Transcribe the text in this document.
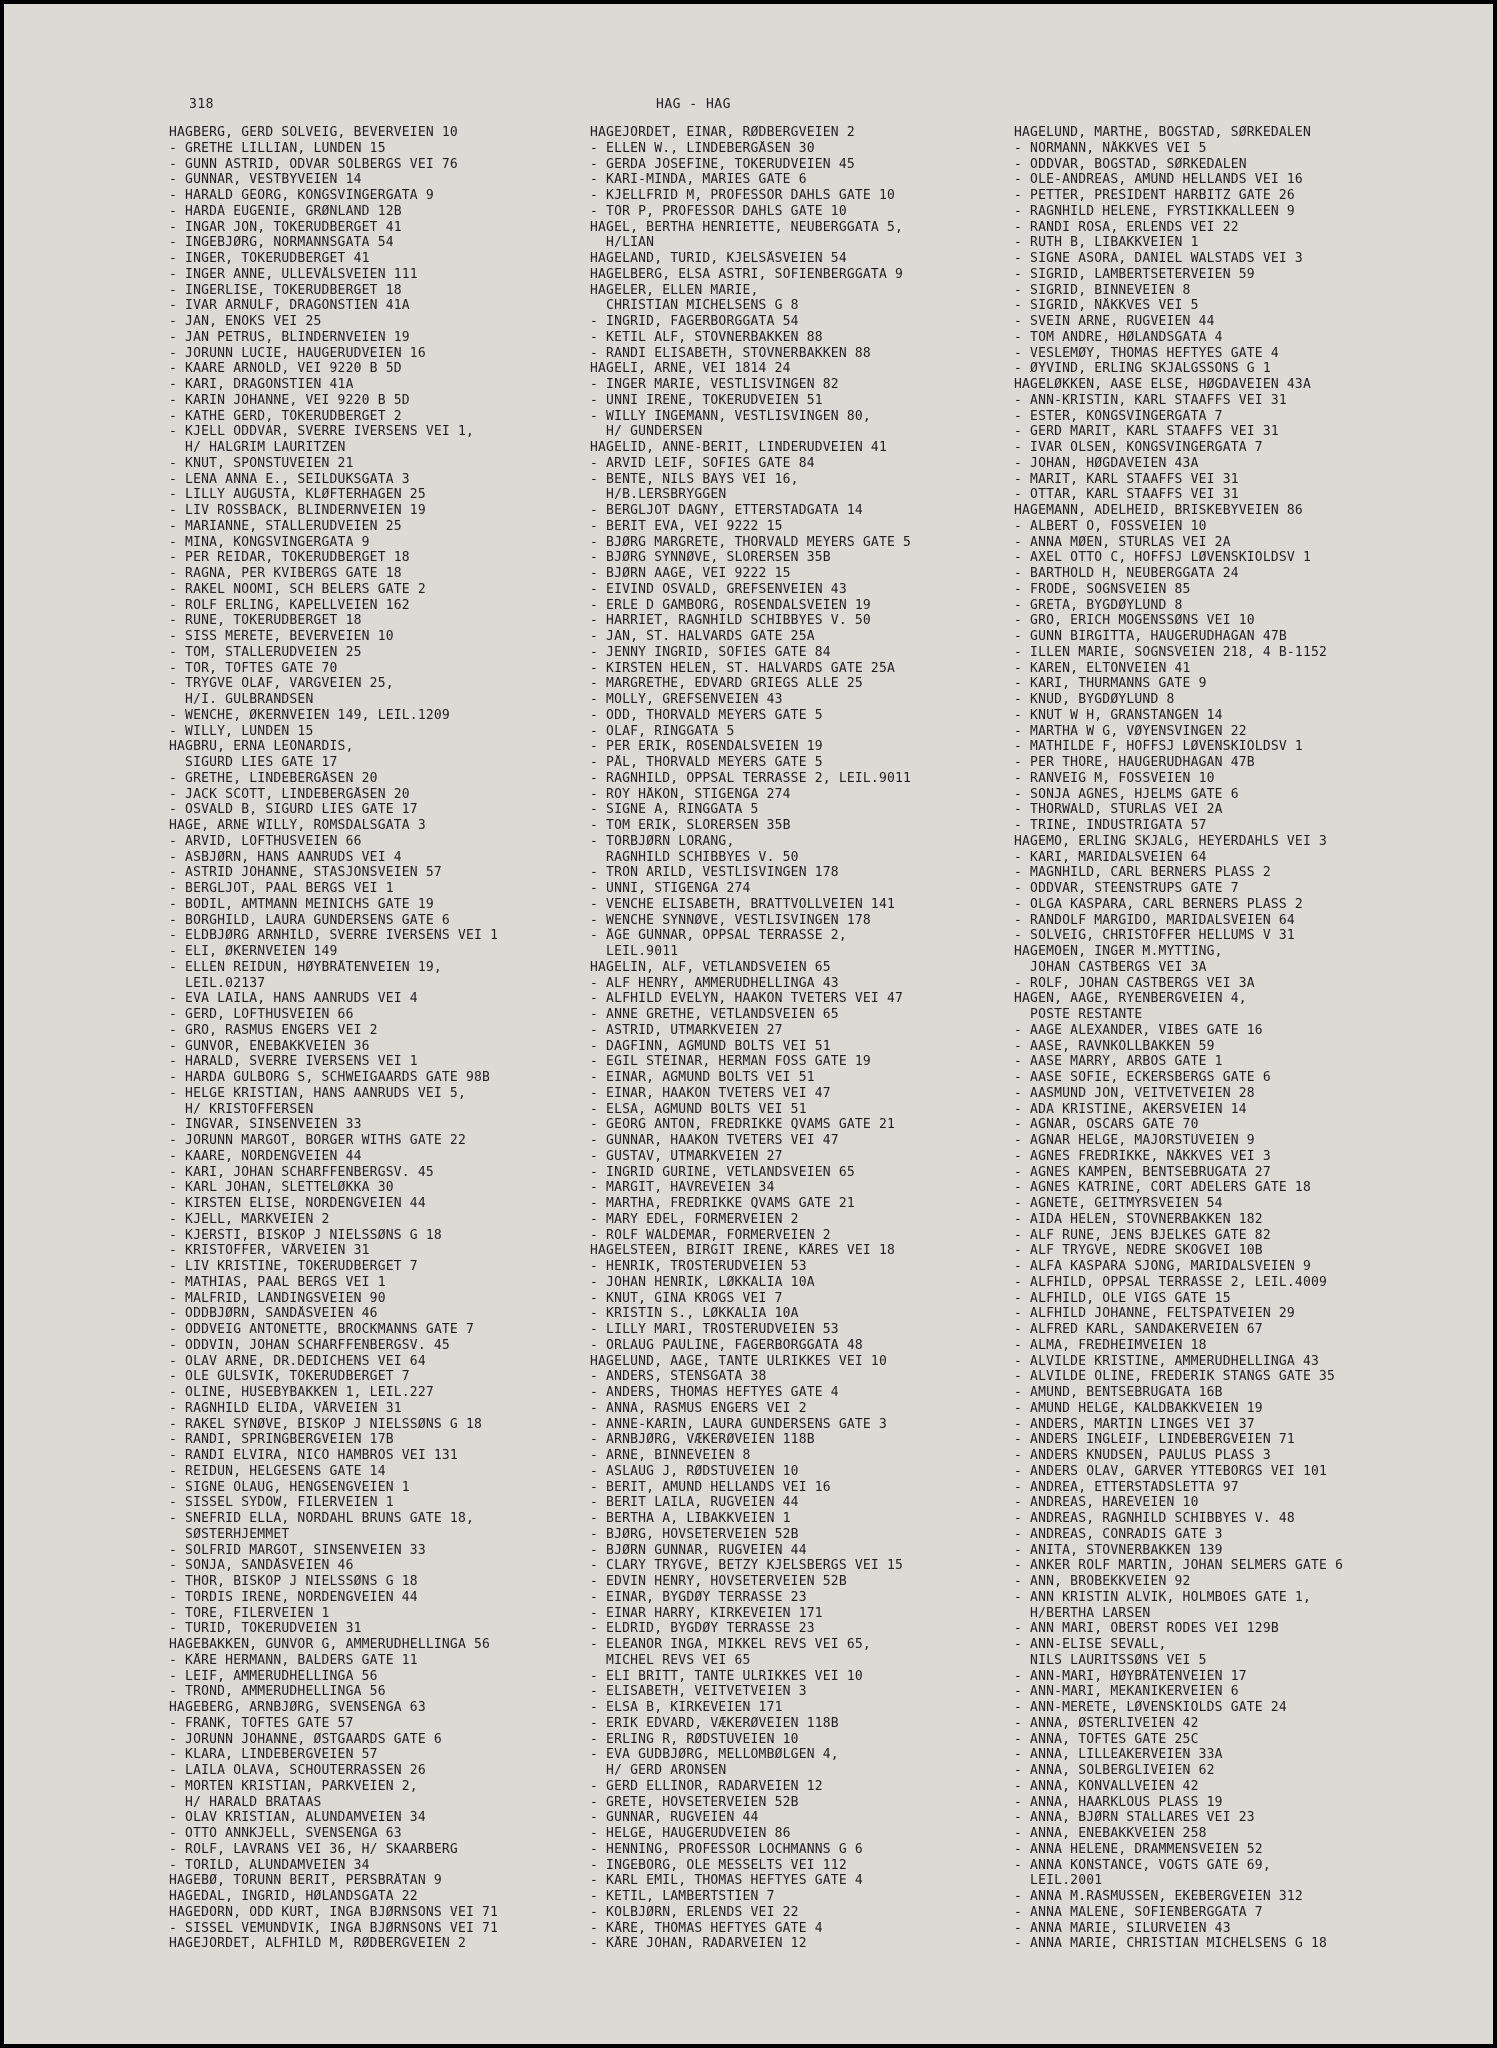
318	HAG - HAG
HAGBERG, GERD SOLVEIG, BEVERVEIEN 10
- GRETHE LILLIAN, LUNDEN 15
- GUNN ASTRID, ODVAR SOLBERGS VEI 76
- GUNNAR, VESTBYVEIEN 14
- HARALD GEORG, KONGSVINGERGATA 9
- HARDA EUGENIE, GRØNLAND 12B
- INGAR JON, TOKERUDBERGET 41
- INGEBJØRG, NORMANNSGATA 54
- INGER, TOKERUDBERGET 41
- INGER ANNE, ULLEVÅLSVEIEN 111
- INGERLISE, TOKERUDBERGET 18
- IVAR ARNULF, DRAGONSTIEN 41A
- JAN, ENOKS VEI 25
- JAN PETRUS, BLINDERNVEIEN 19
- JORUNN LUCIE, HAUGERUDVEIEN 16
- KAARE ARNOLD, VEI 9220 B 5D
- KARI, DRAGONSTIEN 41A
- KARIN JOHANNE, VEI 9220 B 5D
- KATHE GERD, TOKERUDBERGET 2
- KJELL ODDVAR, SVERRE IVERSENS VEI 1,
H/ HALGRIM LAURITZEN
- KNUT, SPONSTUVEIEN 21
- LENA ANNA E., SEILDUKSGATA 3
- LILLY AUGUSTA, KLØFTERHAGEN 25
- LIV ROSSBACK, BLINDERNVEIEN 19
- MARIANNE, STALLERUDVEIEN 25
- MINA, KONGSVINGERGATA 9
- PER REIDAR, TOKERUDBERGET 18
- RAGNA, PER KVIBERGS GATE 18
- RAKEL NOOMI, SCH BELERS GATE 2
- ROLF ERLING, KAPELLVEIEN 162
- RUNE, TOKERUDBERGET 18
- SISS MERETE, BEVERVEIEN 10
- TOM, STALLERUDVEIEN 25
- TOR, TOFTES GATE 70
- TRYGVE OLAF, VARGVEIEN 25,
H/I. GULBRANDSEN
- WENCHE, ØKERNVEIEN 149, LEIL.1209
- WILLY, LUNDEN 15
HAGBRU, ERNA LEONARDIS,
SIGURD LIES GATE 17
- GRETHE, LINDEBERGÅSEN 20
- JACK SCOTT, LINDEBERGÅSEN 20
- OSVALD B, SIGURD LIES GATE 17
HAGE, ARNE WILLY, ROMSDALSGATA 3
- ARVID, LOFTHUSVEIEN 66
- ASBJØRN, HANS AANRUDS VEI 4
- ASTRID JOHANNE, STASJONSVEIEN 57
- BERGLJOT, PAAL BERGS VEI 1
- BODIL, AMTMANN MEINICHS GATE 19
- BORGHILD, LAURA GUNDERSENS GATE 6
- ELDBJØRG ARNHILD, SVERRE IVERSENS VEI 1
- ELI, ØKERNVEIEN 149
- ELLEN REIDUN, HØYBRÅTENVEIEN 19,
LEIL.02137
- EVA LAILA, HANS AANRUDS VEI 4
- GERD, LOFTHUSVEIEN 66
- GRO, RASMUS ENGERS VEI 2
- GUNVOR, ENEBAKKVEIEN 36
- HARALD, SVERRE IVERSENS VEI 1
- HARDA GULBORG S, SCHWEIGAARDS GATE 98B
- HELGE KRISTIAN, HANS AANRUDS VEI 5,
H/ KRISTOFFERSEN
- INGVAR, SINSENVEIEN 33
- JORUNN MARGOT, BORGER WITHS GATE 22
- KAARE, NORDENGVEIEN 44
- KARI, JOHAN SCHARFFENBERGSV. 45
- KARL JOHAN, SLETTELØKKA 30
- KIRSTEN ELISE, NORDENGVEIEN 44
- KJELL, MARKVEIEN 2
- KJERSTI, BISKOP J NIELSSØNS G 18
- KRISTOFFER, VÅRVEIEN 31
- LIV KRISTINE, TOKERUDBERGET 7
- MATHIAS, PAAL BERGS VEI 1
- MALFRID, LANDINGSVEIEN 90
- ODDBJØRN, SANDÅSVEIEN 46
- ODDVEIG ANTONETTE, BROCKMANNS GATE 7
- ODDVIN, JOHAN SCHARFFENBERGSV. 45
- OLAV ARNE, DR.DEDICHENS VEI 64
- OLE GULSVIK, TOKERUDBERGET 7
- OLINE, HUSEBYBAKKEN 1, LEIL.227
- RAGNHILD ELIDA, VÅRVEIEN 31
- RAKEL SYNØVE, BISKOP J NIELSSØNS G 18
- RANDI, SPRINGBERGVEIEN 17B
- RANDI ELVIRA, NICO HAMBROS VEI 131
- REIDUN, HELGESENS GATE 14
- SIGNE OLAUG, HENGSENGVEIEN 1
- SISSEL SYDOW, FILERVEIEN 1
- SNEFRID ELLA, NORDAHL BRUNS GATE 18,
SØSTERHJEMMET
- SOLFRID MARGOT, SINSENVEIEN 33
- SONJA, SANDÅSVEIEN 46
- THOR, BISKOP J NIELSSØNS G 18
- TORDIS IRENE, NORDENGVEIEN 44
- TORE, FILERVEIEN 1
- TURID, TOKERUDVEIEN 31
HAGEBAKKEN, GUNVOR G, AMMERUDHELLINGA 56
- KÅRE HERMANN, BALDERS GATE 11
- LEIF, AMMERUDHELLINGA 56
- TROND, AMMERUDHELLINGA 56
HAGEBERG, ARNBJØRG, SVENSENGA 63
- FRANK, TOFTES GATE 57
- JORUNN JOHANNE, ØSTGAARDS GATE 6
- KLARA, LINDEBERGVEIEN 57
- LAILA OLAVA, SCHOUTERRASSEN 26
- MORTEN KRISTIAN, PARKVEIEN 2,
H/ HARALD BRATAAS
- OLAV KRISTIAN, ALUNDAMVEIEN 34
- OTTO ANNKJELL, SVENSENGA 63
- ROLF, LAVRANS VEI 36, H/ SKAARBERG
- TORILD, ALUNDAMVEIEN 34
HAGEBØ, TORUNN BERIT, PERSBRÅTAN 9
HAGEDAL, INGRID, HØLANDSGATA 22
HAGEDORN, ODD KURT, INGA BJØRNSONS VEI 71
- SISSEL VEMUNDVIK, INGA BJØRNSONS VEI 71
HAGEJORDET, ALFHILD M, RØDBERGVEIEN 2
HAGEJORDET, EINAR, RØDBERGVEIEN 2
- ELLEN W., LINDEBERGÅSEN 30
- GERDA JOSEFINE, TOKERUDVEIEN 45
- KARI-MINDA, MARIES GATE 6
- KJELLFRID M, PROFESSOR DAHLS GATE 10
- TOR P, PROFESSOR DAHLS GATE 10
HAGEL, BERTHA HENRIETTE, NEUBERGGATA 5,
H/LIAN
HAGELAND, TURID, KJELSÅSVEIEN 54
HAGELBERG, ELSA ASTRI, SOFIENBERGGATA 9
HAGELER, ELLEN MARIE,
CHRISTIAN MICHELSENS G 8
- INGRID, FAGERBORGGATA 54
- KETIL ALF, STOVNERBAKKEN 88
- RANDI ELISABETH, STOVNERBAKKEN 88
HAGELI, ARNE, VEI 1814 24
- INGER MARIE, VESTLISVINGEN 82
- UNNI IRENE, TOKERUDVEIEN 51
- WILLY INGEMANN, VESTLISVINGEN 80,
H/ GUNDERSEN
HAGELID, ANNE-BERIT, LINDERUDVEIEN 41
- ARVID LEIF, SOFIES GATE 84
- BENTE, NILS BAYS VEI 16,
H/B.LERSBRYGGEN
- BERGLJOT DAGNY, ETTERSTADGATA 14
- BERIT EVA, VEI 9222 15
- BJØRG MARGRETE, THORVALD MEYERS GATE 5
- BJØRG SYNNØVE, SLORERSEN 35B
- BJØRN AAGE, VEI 9222 15
- EIVIND OSVALD, GREFSENVEIEN 43
- ERLE D GAMBORG, ROSENDALSVEIEN 19
- HARRIET, RAGNHILD SCHIBBYES V. 50
- JAN, ST. HALVARDS GATE 25A
- JENNY INGRID, SOFIES GATE 84
- KIRSTEN HELEN, ST. HALVARDS GATE 25A
- MARGRETHE, EDVARD GRIEGS ALLE 25
- MOLLY, GREFSENVEIEN 43
- ODD, THORVALD MEYERS GATE 5
- OLAF, RINGGATA 5
- PER ERIK, ROSENDALSVEIEN 19
- PÅL, THORVALD MEYERS GATE 5
- RAGNHILD, OPPSAL TERRASSE 2, LEIL.9011
- ROY HÅKON, STIGENGA 274
- SIGNE A, RINGGATA 5
- TOM ERIK, SLORERSEN 35B
- TORBJØRN LORANG,
RAGNHILD SCHIBBYES V. 50
- TRON ARILD, VESTLISVINGEN 178
- UNNI, STIGENGA 274
- VENCHE ELISABETH, BRATTVOLLVEIEN 141
- WENCHE SYNNØVE, VESTLISVINGEN 178
- ÅGE GUNNAR, OPPSAL TERRASSE 2,
LEIL.9011
HAGELIN, ALF, VETLANDSVEIEN 65
- ALF HENRY, AMMERUDHELLINGA 43
- ALFHILD EVELYN, HAAKON TVETERS VEI 47
- ANNE GRETHE, VETLANDSVEIEN 65
- ASTRID, UTMARKVEIEN 27
- DAGFINN, AGMUND BOLTS VEI 51
- EGIL STEINAR, HERMAN FOSS GATE 19
- EINAR, AGMUND BOLTS VEI 51
- EINAR, HAAKON TVETERS VEI 47
- ELSA, AGMUND BOLTS VEI 51
- GEORG ANTON, FREDRIKKE QVAMS GATE 21
- GUNNAR, HAAKON TVETERS VEI 47
- GUSTAV, UTMARKVEIEN 27
- INGRID GURINE, VETLANDSVEIEN 65
- MARGIT, HAVREVEIEN 34
- MARTHA, FREDRIKKE QVAMS GATE 21
- MARY EDEL, FORMERVEIEN 2
- ROLF WALDEMAR, FORMERVEIEN 2
HAGELSTEEN, BIRGIT IRENE, KÅRES VEI 18
- HENRIK, TROSTERUDVEIEN 53
- JOHAN HENRIK, LØKKALIA 10A
- KNUT, GINA KROGS VEI 7
- KRISTIN S., LØKKALIA 10A
- LILLY MARI, TROSTERUDVEIEN 53
- ORLAUG PAULINE, FAGERBORGGATA 48
HAGELUND, AAGE, TANTE ULRIKKES VEI 10
- ANDERS, STENSGATA 38
- ANDERS, THOMAS HEFTYES GATE 4
- ANNA, RASMUS ENGERS VEI 2
- ANNE-KARIN, LAURA GUNDERSENS GATE 3
- ARNBJØRG, VÆKERØVEIEN 118B
- ARNE, BINNEVEIEN 8
- ASLAUG J, RØDSTUVEIEN 10
- BERIT, AMUND HELLANDS VEI 16
- BERIT LAILA, RUGVEIEN 44
- BERTHA A, LIBAKKVEIEN 1
- BJØRG, HOVSETERVEIEN 52B
- BJØRN GUNNAR, RUGVEIEN 44
- CLARY TRYGVE, BETZY KJELSBERGS VEI 15
- EDVIN HENRY, HOVSETERVEIEN 52B
- EINAR, BYGDØY TERRASSE 23
- EINAR HARRY, KIRKEVEIEN 171
- ELDRID, BYGDØY TERRASSE 23
- ELEANOR INGA, MIKKEL REVS VEI 65,
MICHEL REVS VEI 65
- ELI BRITT, TANTE ULRIKKES VEI 10
- ELISABETH, VEITVETVEIEN 3
- ELSA B, KIRKEVEIEN 171
- ERIK EDVARD, VÆKERØVEIEN 118B
- ERLING R, RØDSTUVEIEN 10
- EVA GUDBJØRG, MELLOMBØLGEN 4,
H/ GERD ARONSEN
- GERD ELLINOR, RADARVEIEN 12
- GRETE, HOVSETERVEIEN 52B
- GUNNAR, RUGVEIEN 44
- HELGE, HAUGERUDVEIEN 86
- HENNING, PROFESSOR LOCHMANNS G 6
- INGEBORG, OLE MESSELTS VEI 112
- KARL EMIL, THOMAS HEFTYES GATE 4
- KETIL, LAMBERTSTIEN 7
- KOLBJØRN, ERLENDS VEI 22
- KÅRE, THOMAS HEFTYES GATE 4
- KÅRE JOHAN, RADARVEIEN 12
HAGELUND, MARTHE, BOGSTAD, SØRKEDALEN
- NORMANN, NÅKKVES VEI 5
- ODDVAR, BOGSTAD, SØRKEDALEN
- OLE-ANDREAS, AMUND HELLANDS VEI 16
- PETTER, PRESIDENT HARBITZ GATE 26
- RAGNHILD HELENE, FYRSTIKKALLEEN 9
- RANDI ROSA, ERLENDS VEI 22
- RUTH B, LIBAKKVEIEN 1
- SIGNE ASORA, DANIEL WALSTADS VEI 3
- SIGRID, LAMBERTSETERVEIEN 59
- SIGRID, BINNEVEIEN 8
- SIGRID, NÅKKVES VEI 5
- SVEIN ARNE, RUGVEIEN 44
- TOM ANDRE, HØLANDSGATA 4
- VESLEMØY, THOMAS HEFTYES GATE 4
- ØYVIND, ERLING SKJALGSSONS G 1
HAGELØKKEN, AASE ELSE, HØGDAVEIEN 43A
- ANN-KRISTIN, KARL STAAFFS VEI 31
- ESTER, KONGSVINGERGATA 7
- GERD MARIT, KARL STAAFFS VEI 31
- IVAR OLSEN, KONGSVINGERGATA 7
- JOHAN, HØGDAVEIEN 43A
- MARIT, KARL STAAFFS VEI 31
- OTTAR, KARL STAAFFS VEI 31
HAGEMANN, ADELHEID, BRISKEBYVEIEN 86
- ALBERT O, FOSSVEIEN 10
- ANNA MØEN, STURLAS VEI 2A
- AXEL OTTO C, HOFFSJ LØVENSKIOLDSV 1
- BARTHOLD H, NEUBERGGATA 24
- FRODE, SOGNSVEIEN 85
- GRETA, BYGDØYLUND 8
- GRO, ERICH MOGENSSØNS VEI 10
- GUNN BIRGITTA, HAUGERUDHAGAN 47B
- ILLEN MARIE, SOGNSVEIEN 218, 4 B-1152
- KAREN, ELTONVEIEN 41
- KARI, THURMANNS GATE 9
- KNUD, BYGDØYLUND 8
- KNUT W H, GRANSTANGEN 14
- MARTHA W G, VØYENSVINGEN 22
- MATHILDE F, HOFFSJ LØVENSKIOLDSV 1
- PER THORE, HAUGERUDHAGAN 47B
- RANVEIG M, FOSSVEIEN 10
- SONJA AGNES, HJELMS GATE 6
- THORWALD, STURLAS VEI 2A
- TRINE, INDUSTRIGATA 57
HAGEMO, ERLING SKJALG, HEYERDAHLS VEI 3
- KARI, MARIDALSVEIEN 64
- MAGNHILD, CARL BERNERS PLASS 2
- ODDVAR, STEENSTRUPS GATE 7
- OLGA KASPARA, CARL BERNERS PLASS 2
- RANDOLF MARGIDO, MARIDALSVEIEN 64
- SOLVEIG, CHRISTOFFER HELLUMS V 31
HAGEMOEN, INGER M.MYTTING,
JOHAN CASTBERGS VEI 3A
- ROLF, JOHAN CASTBERGS VEI 3A
HAGEN, AAGE, RYENBERGVEIEN 4,
POSTE RESTANTE
- AAGE ALEXANDER, VIBES GATE 16
- AASE, RAVNKOLLBAKKEN 59
- AASE MARRY, ARBOS GATE 1
- AASE SOFIE, ECKERSBERGS GATE 6
- AASMUND JON, VEITVETVEIEN 28
- ADA KRISTINE, AKERSVEIEN 14
- AGNAR, OSCARS GATE 70
- AGNAR HELGE, MAJORSTUVEIEN 9
- AGNES FREDRIKKE, NÅKKVES VEI 3
- AGNES KAMPEN, BENTSEBRUGATA 27
- AGNES KATRINE, CORT ADELERS GATE 18
- AGNETE, GEITMYRSVEIEN 54
- AIDA HELEN, STOVNERBAKKEN 182
- ALF RUNE, JENS BJELKES GATE 82
- ALF TRYGVE, NEDRE SKOGVEI 10B
- ALFA KASPARA SJONG, MARIDALSVEIEN 9
- ALFHILD, OPPSAL TERRASSE 2, LEIL.4009
- ALFHILD, OLE VIGS GATE 15
- ALFHILD JOHANNE, FELTSPATVEIEN 29
- ALFRED KARL, SANDAKERVEIEN 67
- ALMA, FREDHEIMVEIEN 18
- ALVILDE KRISTINE, AMMERUDHELLINGA 43
- ALVILDE OLINE, FREDERIK STANGS GATE 35
- AMUND, BENTSEBRUGATA 16B
- AMUND HELGE, KALDBAKKVEIEN 19
- ANDERS, MARTIN LINGES VEI 37
- ANDERS INGLEIF, LINDEBERGVEIEN 71
- ANDERS KNUDSEN, PAULUS PLASS 3
- ANDERS OLAV, GARVER YTTEBORGS VEI 101
- ANDREA, ETTERSTADSLETTA 97
- ANDREAS, HAREVEIEN 10
- ANDREAS, RAGNHILD SCHIBBYES V. 48
- ANDREAS, CONRADIS GATE 3
- ANITA, STOVNERBAKKEN 139
- ANKER ROLF MARTIN, JOHAN SELMERS GATE 6
- ANN, BROBEKKVEIEN 92
- ANN KRISTIN ALVIK, HOLMBOES GATE 1,
H/BERTHA LARSEN
- ANN MARI, OBERST RODES VEI 129B
- ANN-ELISE SEVALL,
NILS LAURITSSØNS VEI 5
- ANN-MARI, HØYBRÅTENVEIEN 17
- ANN-MARI, MEKANIKERVEIEN 6
- ANN-MERETE, LØVENSKIOLDS GATE 24
- ANNA, ØSTERLIVEIEN 42
- ANNA, TOFTES GATE 25C
- ANNA, LILLEAKERVEIEN 33A
- ANNA, SOLBERGLIVEIEN 62
- ANNA, KONVALLVEIEN 42
- ANNA, HAARKLOUS PLASS 19
- ANNA, BJØRN STALLARES VEI 23
- ANNA, ENEBAKKVEIEN 258
- ANNA HELENE, DRAMMENSVEIEN 52
- ANNA KONSTANCE, VOGTS GATE 69,
LEIL.2001
- ANNA M.RASMUSSEN, EKEBERGVEIEN 312
- ANNA MALENE, SOFIENBERGGATA 7
- ANNA MARIE, SILURVEIEN 43
- ANNA MARIE, CHRISTIAN MICHELSENS G 18
